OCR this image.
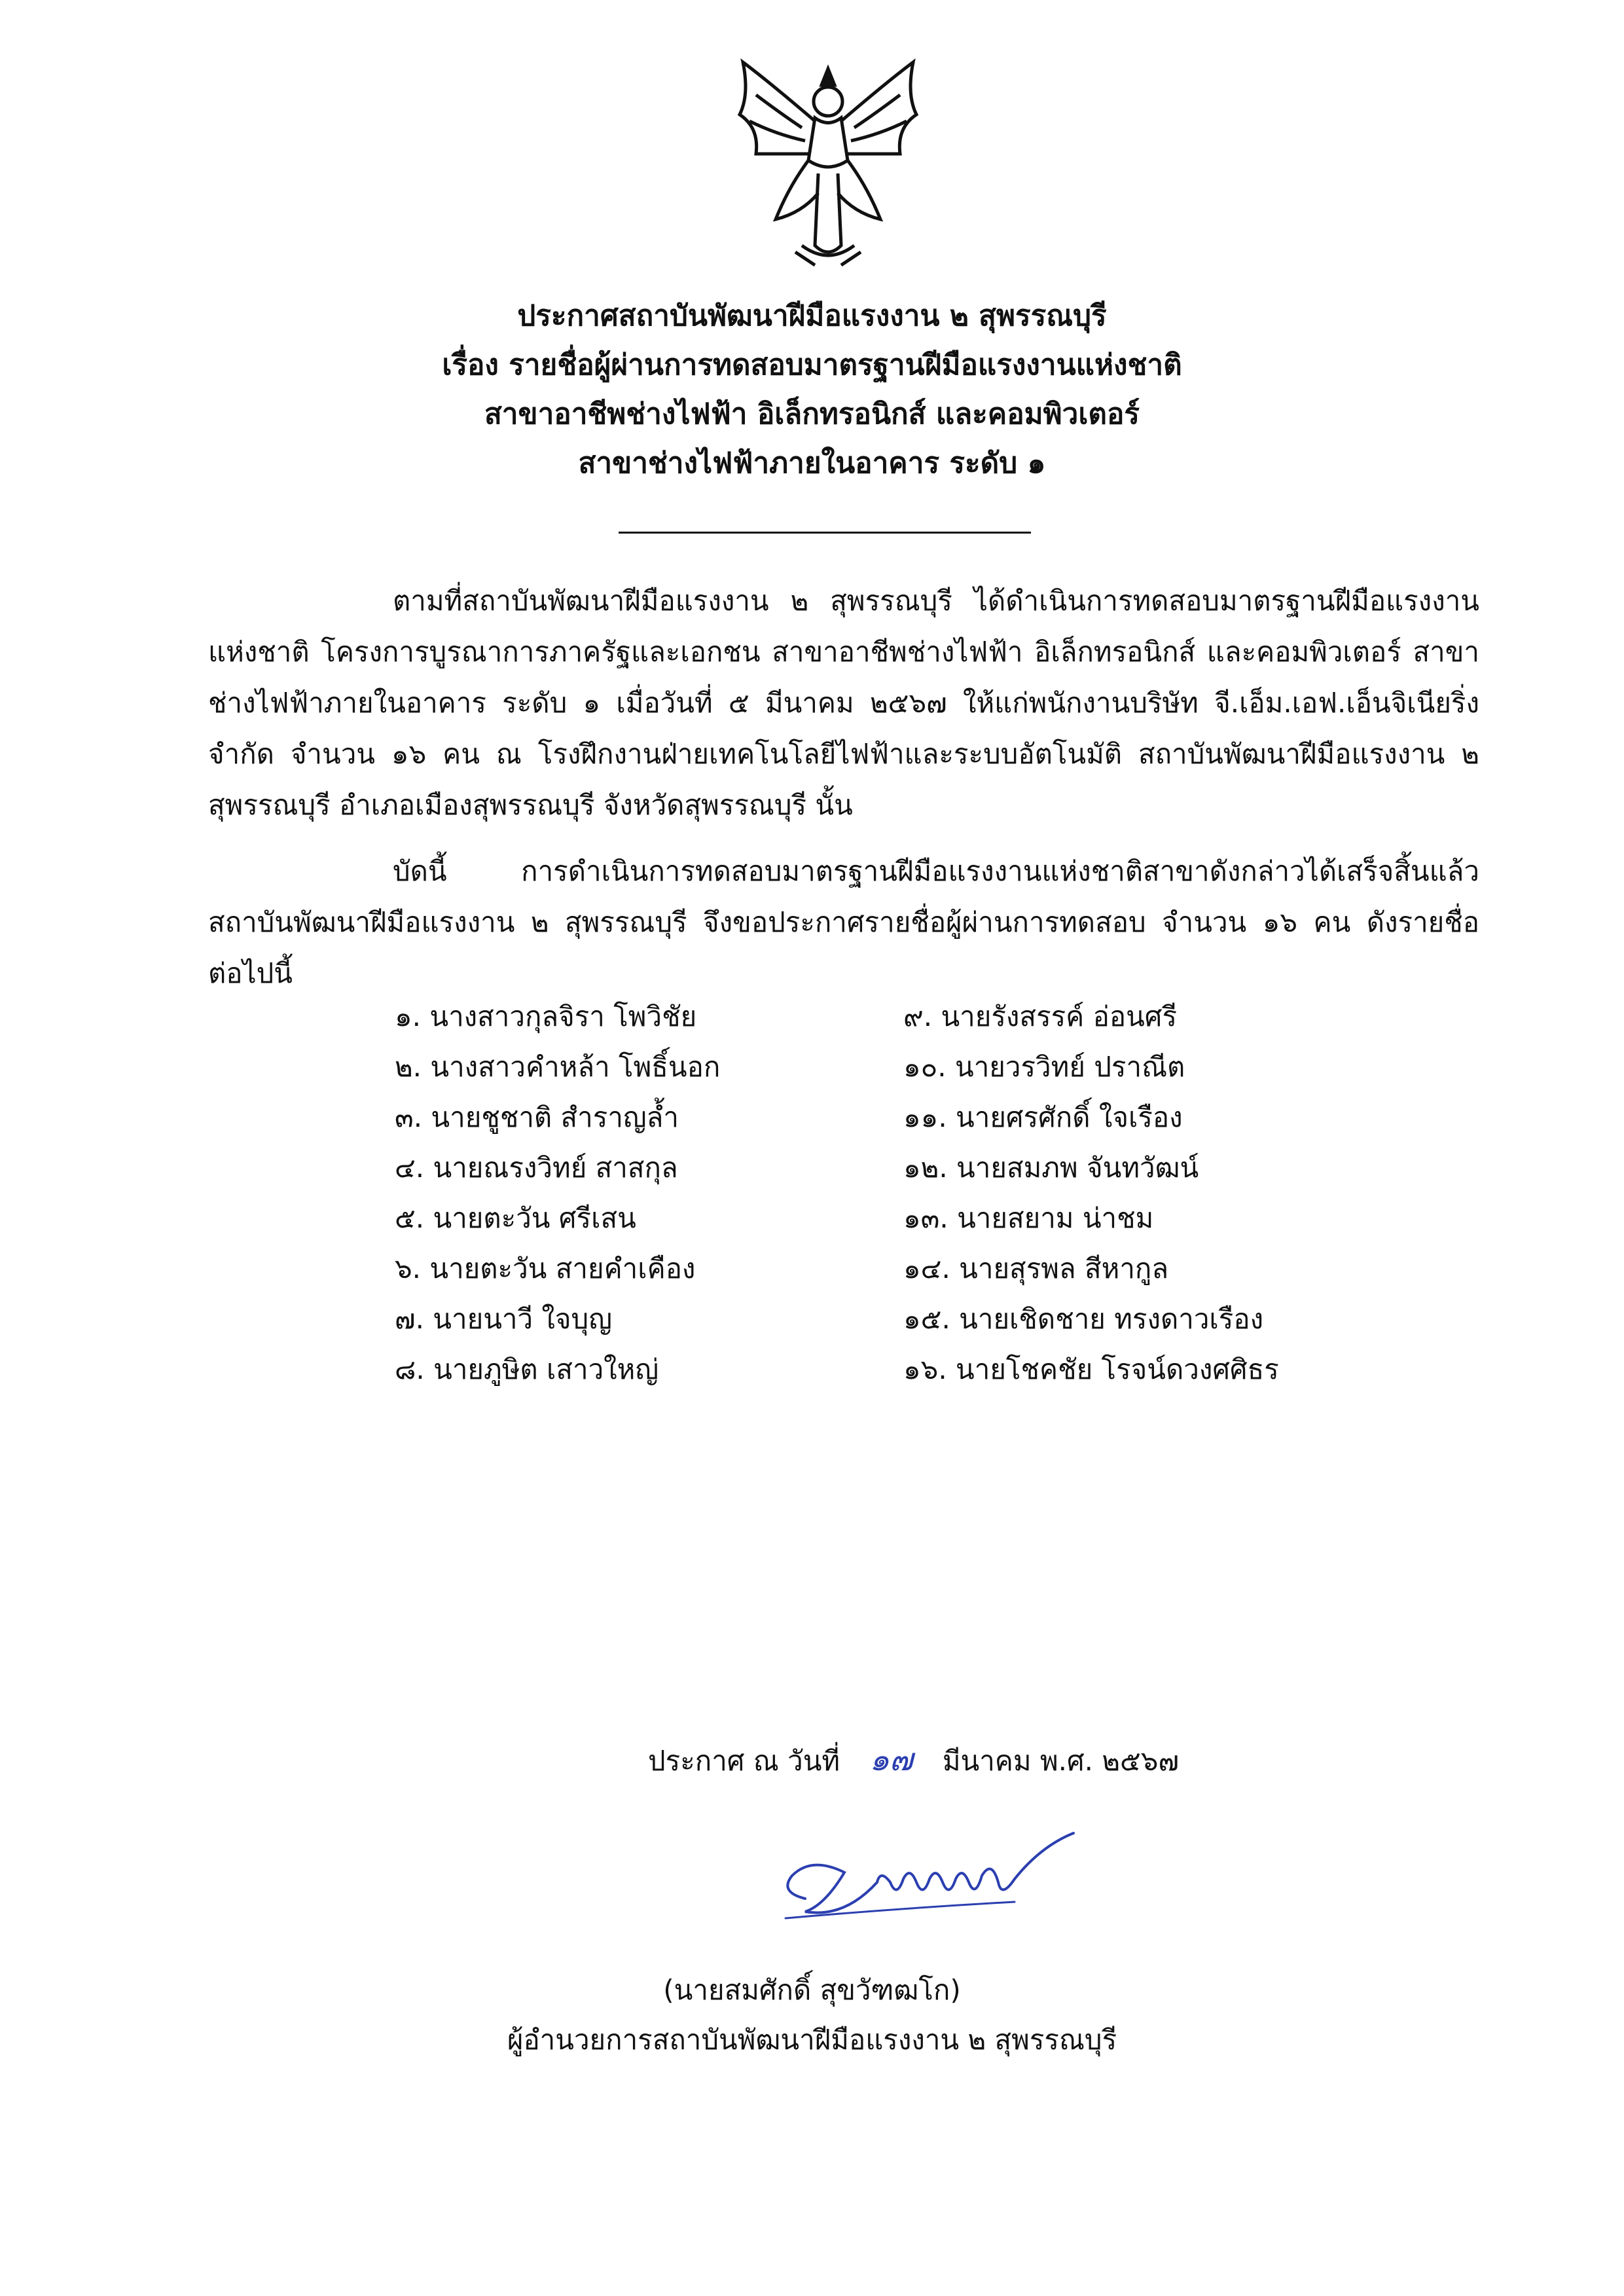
ประกาศสถาบันพัฒนาฝีมือแรงงาน ๒ สุพรรณบุรี
เรื่อง รายชื่อผู้ผ่านการทดสอบมาตรฐานฝีมือแรงงานแห่งชาติ
สาขาอาชีพช่างไฟฟ้า อิเล็กทรอนิกส์ และคอมพิวเตอร์
สาขาช่างไฟฟ้าภายในอาคาร ระดับ ๑
ตามที่สถาบันพัฒนาฝีมือแรงงาน ๒ สุพรรณบุรี ได้ดำเนินการทดสอบมาตรฐานฝีมือแรงงาน
แห่งชาติ โครงการบูรณาการภาครัฐและเอกชน สาขาอาชีพช่างไฟฟ้า อิเล็กทรอนิกส์ และคอมพิวเตอร์ สาขา
ช่างไฟฟ้าภายในอาคาร ระดับ ๑ เมื่อวันที่ ๕ มีนาคม ๒๕๖๗ ให้แก่พนักงานบริษัท จี.เอ็ม.เอฟ.เอ็นจิเนียริ่ง
จำกัด จำนวน ๑๖ คน ณ โรงฝึกงานฝ่ายเทคโนโลยีไฟฟ้าและระบบอัตโนมัติ สถาบันพัฒนาฝีมือแรงงาน ๒
สุพรรณบุรี อำเภอเมืองสุพรรณบุรี จังหวัดสุพรรณบุรี นั้น
บัดนี้ การดำเนินการทดสอบมาตรฐานฝีมือแรงงานแห่งชาติสาขาดังกล่าวได้เสร็จสิ้นแล้ว
สถาบันพัฒนาฝีมือแรงงาน ๒ สุพรรณบุรี จึงขอประกาศรายชื่อผู้ผ่านการทดสอบ จำนวน ๑๖ คน ดังรายชื่อ
ต่อไปนี้
๑. นางสาวกุลจิรา โพวิชัย
๒. นางสาวคำหล้า โพธิ์นอก
๓. นายชูชาติ สำราญล้ำ
๔. นายณรงวิทย์ สาสกุล
๕. นายตะวัน ศรีเสน
๖. นายตะวัน สายคำเคือง
๗. นายนาวี ใจบุญ
๘. นายภูษิต เสาวใหญ่
๙. นายรังสรรค์ อ่อนศรี
๑๐. นายวรวิทย์ ปราณีต
๑๑. นายศรศักดิ์ ใจเรือง
๑๒. นายสมภพ จันทวัฒน์
๑๓. นายสยาม น่าชม
๑๔. นายสุรพล สีหากูล
๑๕. นายเชิดชาย ทรงดาวเรือง
๑๖. นายโชคชัย โรจน์ดวงศศิธร
ประกาศ ณ วันที่ ๑๗ มีนาคม พ.ศ. ๒๕๖๗
(นายสมศักดิ์ สุขวัฑฒโก)
ผู้อำนวยการสถาบันพัฒนาฝีมือแรงงาน ๒ สุพรรณบุรี
